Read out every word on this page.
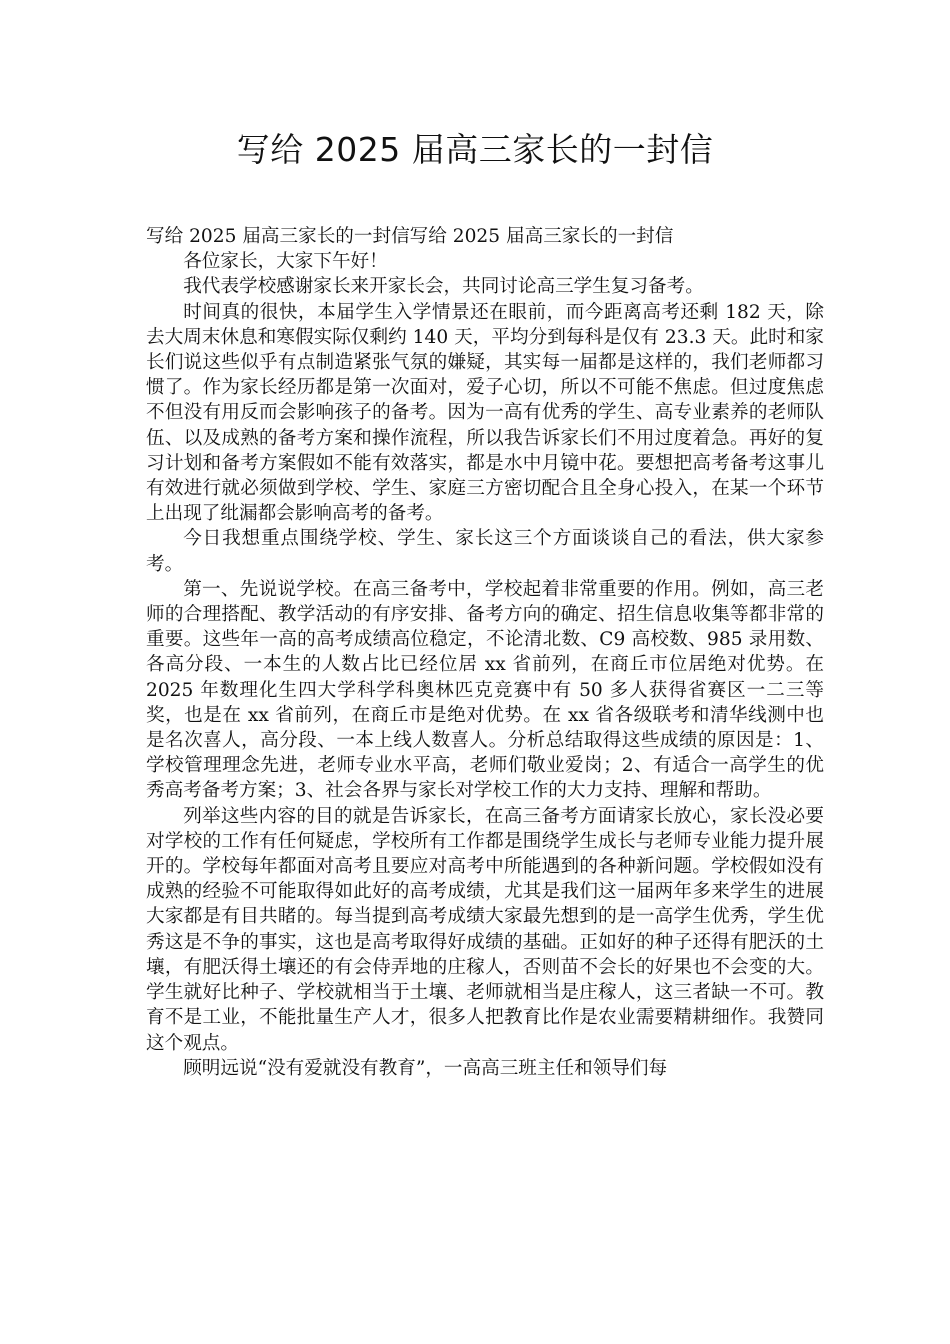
写给 2025 届高三家长的一封信

写给 2025 届高三家长的一封信写给 2025 届高三家长的一封信

各位家长，大家下午好！

我代表学校感谢家长来开家长会，共同讨论高三学生复习备考。

时间真的很快，本届学生入学情景还在眼前，而今距离高考还剩 182 天，除去大周末休息和寒假实际仅剩约 140 天，平均分到每科是仅有 23.3 天。此时和家长们说这些似乎有点制造紧张气氛的嫌疑，其实每一届都是这样的，我们老师都习惯了。作为家长经历都是第一次面对，爱子心切，所以不可能不焦虑。但过度焦虑不但没有用反而会影响孩子的备考。因为一高有优秀的学生、高专业素养的老师队伍、以及成熟的备考方案和操作流程，所以我告诉家长们不用过度着急。再好的复习计划和备考方案假如不能有效落实，都是水中月镜中花。要想把高考备考这事儿有效进行就必须做到学校、学生、家庭三方密切配合且全身心投入，在某一个环节上出现了纰漏都会影响高考的备考。

今日我想重点围绕学校、学生、家长这三个方面谈谈自己的看法，供大家参考。

第一、先说说学校。在高三备考中，学校起着非常重要的作用。例如，高三老师的合理搭配、教学活动的有序安排、备考方向的确定、招生信息收集等都非常的重要。这些年一高的高考成绩高位稳定，不论清北数、C9 高校数、985 录用数、各高分段、一本生的人数占比已经位居 xx 省前列，在商丘市位居绝对优势。在 2025 年数理化生四大学科学科奥林匹克竞赛中有 50 多人获得省赛区一二三等奖，也是在 xx 省前列，在商丘市是绝对优势。在 xx 省各级联考和清华线测中也是名次喜人，高分段、一本上线人数喜人。分析总结取得这些成绩的原因是：1、学校管理理念先进，老师专业水平高，老师们敬业爱岗；2、有适合一高学生的优秀高考备考方案；3、社会各界与家长对学校工作的大力支持、理解和帮助。

列举这些内容的目的就是告诉家长，在高三备考方面请家长放心，家长没必要对学校的工作有任何疑虑，学校所有工作都是围绕学生成长与老师专业能力提升展开的。学校每年都面对高考且要应对高考中所能遇到的各种新问题。学校假如没有成熟的经验不可能取得如此好的高考成绩，尤其是我们这一届两年多来学生的进展大家都是有目共睹的。每当提到高考成绩大家最先想到的是一高学生优秀，学生优秀这是不争的事实，这也是高考取得好成绩的基础。正如好的种子还得有肥沃的土壤，有肥沃得土壤还的有会侍弄地的庄稼人，否则苗不会长的好果也不会变的大。学生就好比种子、学校就相当于土壤、老师就相当是庄稼人，这三者缺一不可。教育不是工业，不能批量生产人才，很多人把教育比作是农业需要精耕细作。我赞同这个观点。

顾明远说“没有爱就没有教育”，一高高三班主任和领导们每
